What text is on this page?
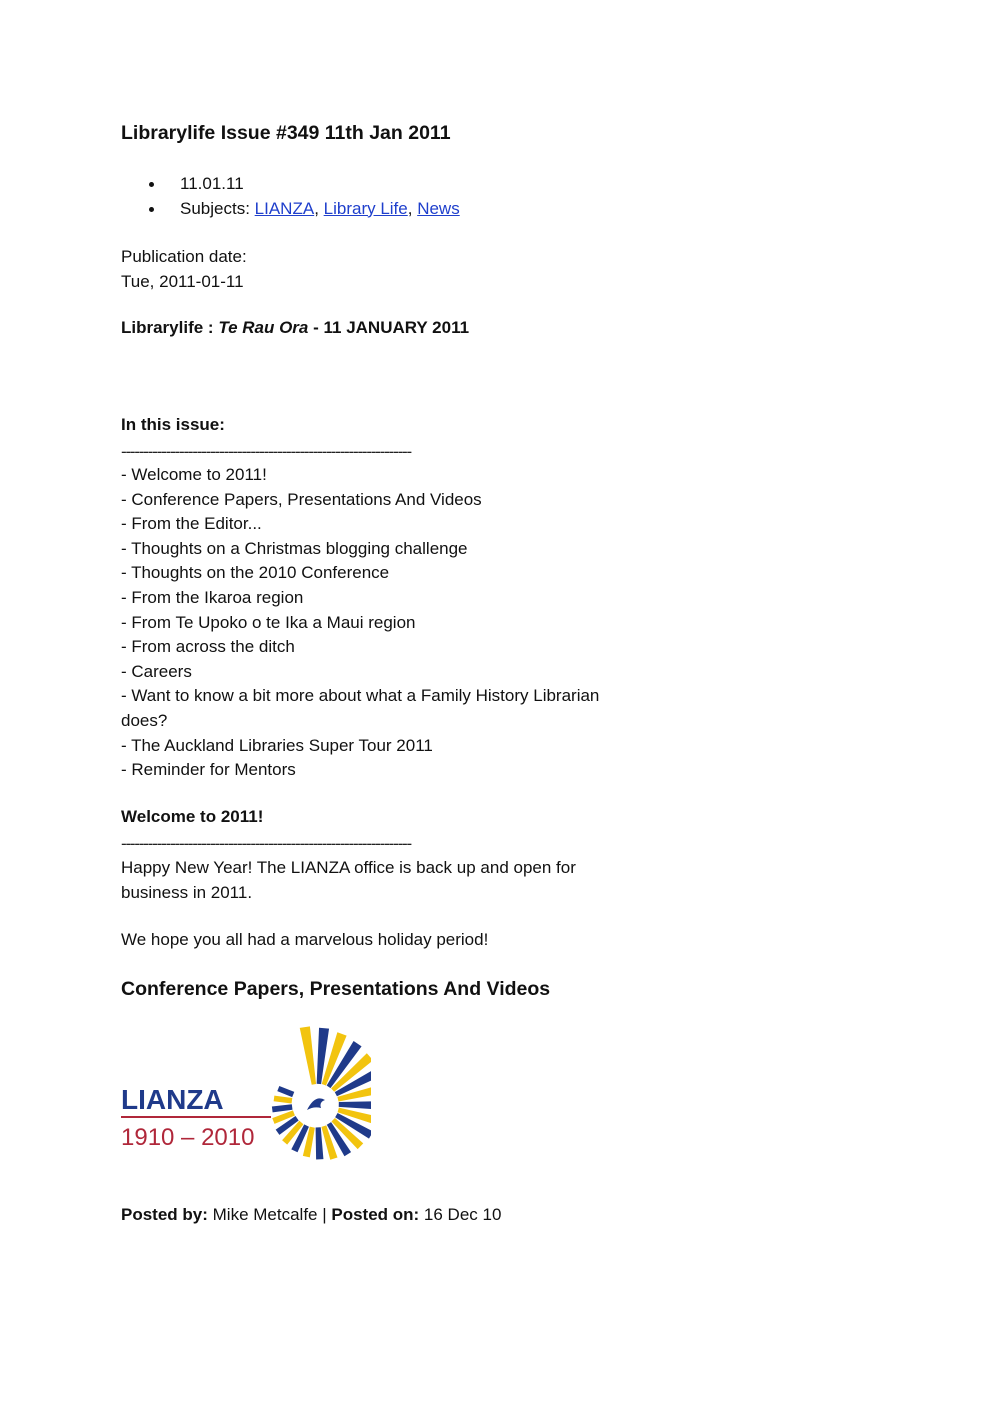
Librarylife Issue #349 11th Jan 2011
11.01.11
Subjects: LIANZA, Library Life, News
Publication date:
Tue, 2011-01-11
Librarylife : Te Rau Ora - 11 JANUARY 2011
In this issue:
-----------------------------------------------------------------
- Welcome to 2011!
- Conference Papers, Presentations And Videos
- From the Editor...
- Thoughts on a Christmas blogging challenge
- Thoughts on the 2010 Conference
- From the Ikaroa region
- From Te Upoko o te Ika a Maui region
- From across the ditch
- Careers
- Want to know a bit more about what a Family History Librarian
does?
- The Auckland Libraries Super Tour 2011
- Reminder for Mentors
Welcome to 2011!
-----------------------------------------------------------------
Happy New Year! The LIANZA office is back up and open for
business in 2011.
We hope you all had a marvelous holiday period!
Conference Papers, Presentations And Videos
LIANZA
1910 – 2010
Posted by: Mike Metcalfe | Posted on: 16 Dec 10
